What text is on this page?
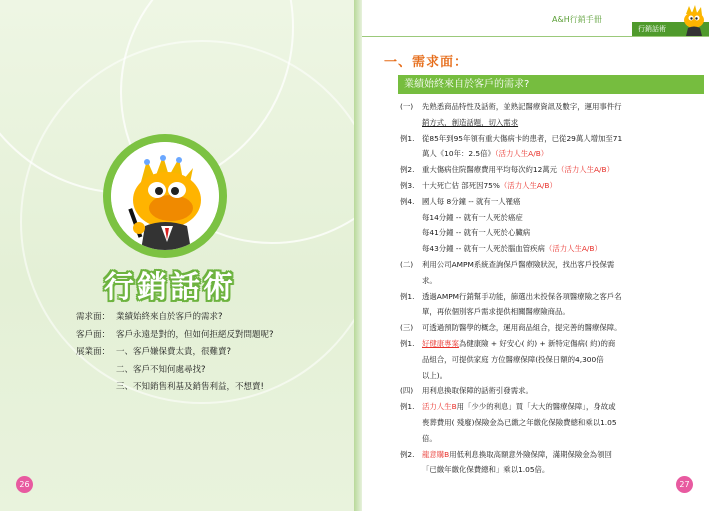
行銷話術
需求面： 業績始終來自於客戶的需求?
客戶面： 客戶永遠是對的，但如何拒絕反對問題呢?
展業面： 一、客戶嫌保費太貴，很難賣?
二、客戶不知何處尋找?
三、不知銷售利基及銷售利益，不想賣!
26
A&H行銷手冊
行銷話術
一、需求面：
業績始終來自於客戶的需求?
(一)	先熟悉商品特性及話術，並熟記醫療資訊及數字，運用事件行
銷方式，創造話題，切入需求
例1.	從85年到95年領有重大傷病卡的患者，已從29萬人增加至71
萬人《10年：2.5倍》（活力人生A/B）
例2.	重大傷病住院醫療費用平均每次約12萬元（活力人生A/B）
例3.	十大死亡估 部死因75%（活力人生A/B）
例4.	國人每 8分鐘 -- 就有一人罹癌
每14分鐘 -- 就有一人死於癌症
每41分鐘 -- 就有一人死於心臟病
每43分鐘 -- 就有一人死於腦血管疾病（活力人生A/B）
(二)	利用公司AMPM系統查詢保戶醫療險狀況，找出客戶投保需
求。
例1.	透過AMPM行銷幫手功能，篩選出未投保各項醫療險之客戶名
單，再依個別客戶需求提供相關醫療險商品。
(三)	可透過預防醫學的概念，運用商品組合，提完善的醫療保障。
例1.	好健康專案為健康險 + 好安心( 約) + 新特定傷病( 約)的商
品組合，可提供家庭 方位醫療保障(投保日額的4,300倍
以上)。
(四)	用利息換取保障的話術引發需求。
例1.	活力人生B用「少少的利息」買「大大的醫療保障」，身故或
喪葬費用( 殘廢)保險金為已繳之年繳化保險費總和乘以1.05
倍。
例2.	龍意購B用低利息換取高額意外險保障，滿期保險金為領回
「已繳年繳化保費總和」乘以1.05倍。
27
